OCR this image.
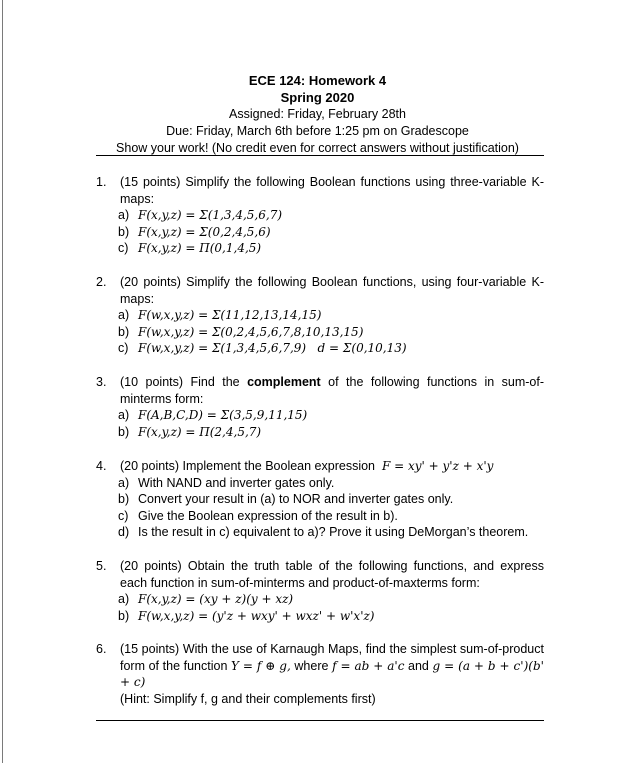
ECE 124: Homework 4
Spring 2020
Assigned: Friday, February 28th
Due: Friday, March 6th before 1:25 pm on Gradescope
Show your work! (No credit even for correct answers without justification)
1.	(15 points) Simplify the following Boolean functions using three-variable K-maps:
a) F(x,y,z) = Σ(1,3,4,5,6,7)
b) F(x,y,z) = Σ(0,2,4,5,6)
c) F(x,y,z) = Π(0,1,4,5)
2.	(20 points) Simplify the following Boolean functions, using four-variable K-maps:
a) F(w,x,y,z) = Σ(11,12,13,14,15)
b) F(w,x,y,z) = Σ(0,2,4,5,6,7,8,10,13,15)
c) F(w,x,y,z) = Σ(1,3,4,5,6,7,9)   d = Σ(0,10,13)
3.	(10 points) Find the complement of the following functions in sum-of-minterms form:
a) F(A,B,C,D) = Σ(3,5,9,11,15)
b) F(x,y,z) = Π(2,4,5,7)
4.	(20 points) Implement the Boolean expression F = xy' + y'z + x'y
a) With NAND and inverter gates only.
b) Convert your result in (a) to NOR and inverter gates only.
c) Give the Boolean expression of the result in b).
d) Is the result in c) equivalent to a)? Prove it using DeMorgan’s theorem.
5.	(20 points) Obtain the truth table of the following functions, and express each function in sum-of-minterms and product-of-maxterms form:
a) F(x,y,z) = (xy + z)(y + xz)
b) F(w,x,y,z) = (y'z + wxy' + wxz' + w'x'z)
6.	(15 points) With the use of Karnaugh Maps, find the simplest sum-of-product form of the function Y = f ⊕ g, where f = ab + a'c and g = (a + b + c')(b' + c)
(Hint: Simplify f, g and their complements first)
